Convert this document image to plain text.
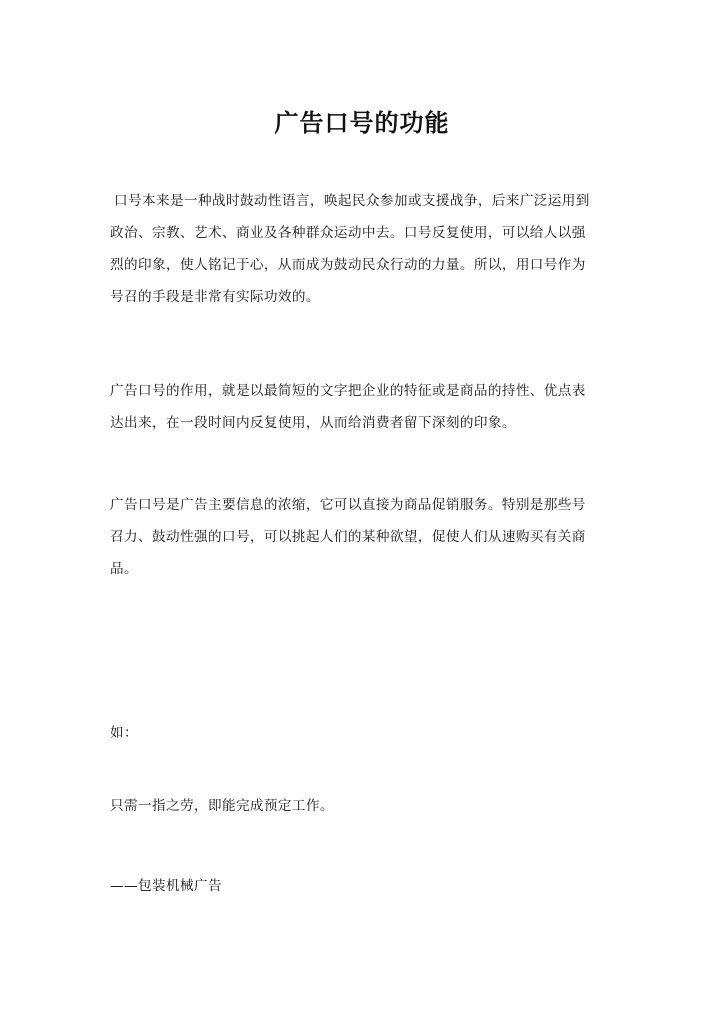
广告口号的功能
口号本来是一种战时鼓动性语言，唤起民众参加或支援战争，后来广泛运用到
政治、宗教、艺术、商业及各种群众运动中去。口号反复使用，可以给人以强
烈的印象，使人铭记于心，从而成为鼓动民众行动的力量。所以，用口号作为
号召的手段是非常有实际功效的。
广告口号的作用，就是以最简短的文字把企业的特征或是商品的持性、优点表
达出来，在一段时间内反复使用，从而给消费者留下深刻的印象。
广告口号是广告主要信息的浓缩，它可以直接为商品促销服务。特别是那些号
召力、鼓动性强的口号，可以挑起人们的某种欲望，促使人们从速购买有关商
品。
如：
只需一指之劳，即能完成预定工作。
——包装机械广告
